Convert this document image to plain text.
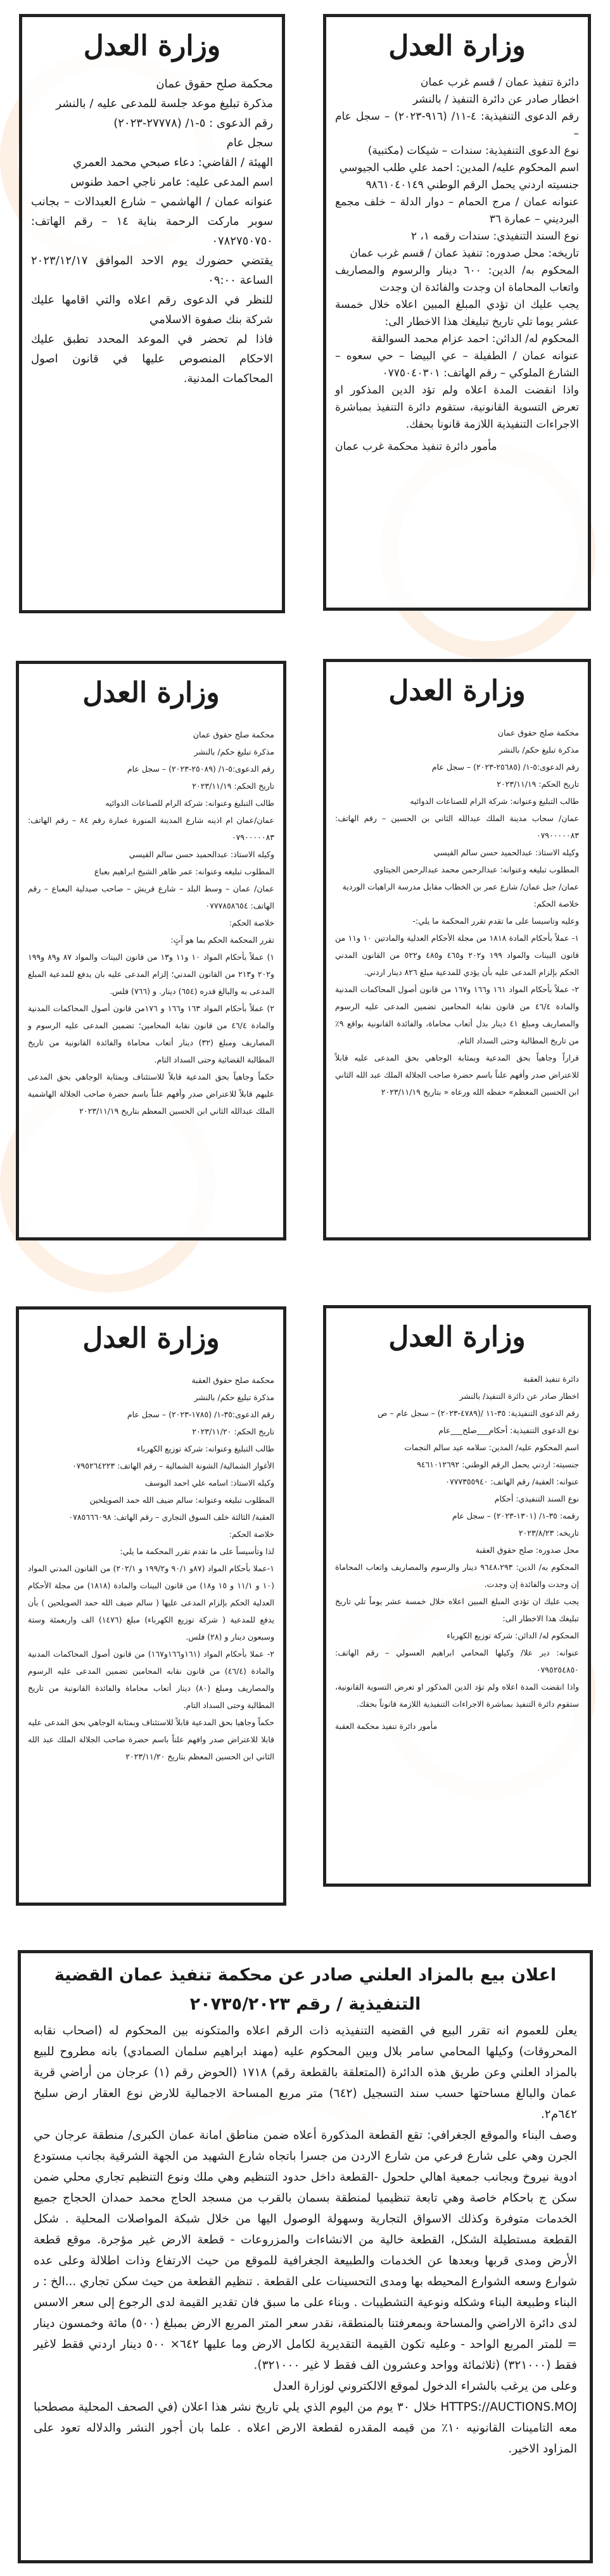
وزارة العدل
دائرة تنفيذ عمان / قسم غرب عمان
اخطار صادر عن دائرة التنفيذ / بالنشر
رقم الدعوى التنفيذية: ٤-١١/ (٩١٦-٢٠٢٣) – سجل عام –
نوع الدعوى التنفيذية: سندات – شيكات (مكتبية)
اسم المحكوم عليه/ المدين: احمد علي طلب الجيوسي
جنسيته اردني يحمل الرقم الوطني ٩٨٦١٠٤٠١٤٩
عنوانه عمان / مرج الحمام – دوار الدلة – خلف مجمع البرديني – عمارة ٣٦
نوع السند التنفيذي: سندات رقمه ١، ٢
تاريخه: محل صدوره: تنفيذ عمان / قسم غرب عمان
المحكوم به/ الدين: ٦٠٠ دينار والرسوم والمصاريف واتعاب المحاماة ان وجدت والفائدة ان وجدت
يجب عليك ان تؤدي المبلغ المبين اعلاه خلال خمسة عشر يوما تلي تاريخ تبليغك هذا الاخطار الى:
المحكوم له/ الدائن: احمد عزام محمد السوالقة
عنوانه عمان / الطفيلة – عي البيضا – حي سعوه – الشارع الملوكي – رقم الهاتف: ٠٧٧٥٠٤٠٣٠١
واذا انقضت المدة اعلاه ولم تؤد الدين المذكور او تعرض التسوية القانونية، ستقوم دائرة التنفيذ بمباشرة الاجراءات التنفيذية اللازمة قانونا بحقك.
مأمور دائرة تنفيذ محكمة غرب عمان
وزارة العدل
محكمة صلح حقوق عمان
مذكرة تبليغ موعد جلسة للمدعى عليه / بالنشر
رقم الدعوى : ٥-١/ (٢٧٧٧٨-٢٠٢٣)
سجل عام
الهيئة / القاضي: دعاء صبحي محمد العمري
اسم المدعى عليه: عامر ناجي احمد طنوس
عنوانه عمان / الهاشمي – شارع العبدالات – بجانب سوبر ماركت الرحمة بناية ١٤ – رقم الهاتف: ٠٧٨٢٧٥٠٧٥٠
يقتضي حضورك يوم الاحد الموافق ٢٠٢٣/١٢/١٧ الساعة ٠٩:٠٠
للنظر في الدعوى رقم اعلاه والتي اقامها عليك شركة بنك صفوة الاسلامي
فاذا لم تحضر في الموعد المحدد تطبق عليك الاحكام المنصوص عليها في قانون اصول المحاكمات المدنية.
وزارة العدل
محكمة صلح حقوق عمان
مذكرة تبليغ حكم/ بالنشر
رقم الدعوى:٥-١/ (٢٥٦٨٥-٢٠٢٣) – سجل عام
تاريخ الحكم: ٢٠٢٣/١١/١٩
طالب التبليغ وعنوانه: شركة الرام للصناعات الدوائيه
عمان/ سحاب مدينة الملك عبدالله الثاني بن الحسين – رقم الهاتف: ٠٧٩٠٠٠٠٠٨٣
وكيله الاستاذ: عبدالحميد حسن سالم القيسي
المطلوب تبليغه وعنوانه: عبدالرحمن محمد عبدالرحمن الجيتاوي
عمان/ جبل عمان/ شارع عمر بن الخطاب مقابل مدرسة الراهبات الوردية
خلاصة الحكم:
وعليه وتاسيسا على ما تقدم تقرر المحكمة ما يلي:-
١- عملاً بأحكام المادة ١٨١٨ من مجلة الأحكام العدلية والمادتين ١٠ و١١ من قانون البينات والمواد ١٩٩ و٢٠٢ و٤٦٥ و٤٨٥ و٥٢٢ من القانون المدني الحكم بإلزام المدعى عليه بأن يؤدي للمدعية مبلغ ٨٢٦ دينار اردني.
٢- عملاً بأحكام المواد ١٦١ و١٦٦ و١٦٧ من قانون أصول المحاكمات المدنية والمادة ٤٦/٤ من قانون نقابة المحامين تضمين المدعى عليه الرسوم والمصاريف ومبلغ ٤١ دينار بدل أتعاب محاماة، والفائدة القانونية بواقع ٩٪ من تاريخ المطالبة وحتى السداد التام.
قراراً وجاهياً بحق المدعية وبمثابة الوجاهي بحق المدعى عليه قابلاً للاعتراض صدر وأفهم علناً باسم حضرة صاحب الجلالة الملك عبد الله الثاني ابن الحسين المعظم» حفظه الله ورعاه « بتاريخ ٢٠٢٣/١١/١٩
وزارة العدل
محكمة صلح حقوق عمان
مذكرة تبليغ حكم/ بالنشر
رقم الدعوى:٥-١/ (٢٥٠٨٩-٢٠٢٣) – سجل عام
تاريخ الحكم: ٢٠٢٣/١١/١٩
طالب التبليغ وعنوانه: شركة الرام للصناعات الدوائيه
عمان/عمان ام اذينه شارع المدينة المنورة عمارة رقم ٨٤ – رقم الهاتف: ٠٧٩٠٠٠٠٠٨٣
وكيله الاستاذ: عبدالحميد حسن سالم القيسي
المطلوب تبليغه وعنوانه: عمر طاهر الشيخ ابراهيم بعباع
عمان/ عمان – وسط البلد – شارع قريش – صاحب صيدلية البعباع – رقم الهاتف: ٠٧٧٧٨٥٨٦٥٤
خلاصة الحكم:
تقرر المحكمة الحكم بما هو آتٍ:
١) عملاً بأحكام المواد ١٠ و١١ و١٣ من قانون البينات والمواد ٨٧ و٨٩ و١٩٩ و٢٠٢ و٢١٣ من القانون المدني؛ إلزام المدعى عليه بان يدفع للمدعية المبلغ المدعى به والبالغ قدره (٦٥٤) دينار. و (٧٦٦) فلس.
٢) عملاً بأحكام المواد ١٦٣ و١٦٦ و ١٧٦من قانون أصول المحاكمات المدنية والمادة ٤٦/٤ من قانون نقابة المحامين؛ تضمين المدعى عليه الرسوم و المصاريف ومبلغ (٣٢) دينار أتعاب محاماة والفائدة القانونية من تاريخ المطالبة القضائية وحتى السداد التام.
حكماً وجاهياً بحق المدعية قابلاً للاستئناف وبمثابة الوجاهي بحق المدعى عليهم قابلاً للاعتراض صدر وأفهم علناً باسم حضرة صاحب الجلالة الهاشمية الملك عبدالله الثاني ابن الحسين المعظم بتاريخ ٢٠٢٣/١١/١٩
وزارة العدل
دائرة تنفيذ العقبة
اخطار صادر عن دائرة التنفيذ/ بالنشر
رقم الدعوى التنفيذية: ٣٥-١١ /(٤٧٨٩-٢٠٢٣) – سجل عام – ص
نوع الدعوى التنفيذية: أحكام___صلح___عام
اسم المحكوم عليه/ المدين: سلامه عيد سالم النجمات
جنسيته: اردني يحمل الرقم الوطني: ٩٤٦١٠١٢٦٩٢
عنوانه: العقبة/ رقم الهاتف: ٠٧٧٧٣٥٥٩٤٠
نوع السند التنفيذي: أحكام
رقمه: ٣٥-١/ (١٣٠١-٢٠٢٣) – سجل عام
تاريخه: ٢٠٢٣/٨/٢٣
محل صدوره: صلح حقوق العقبة
المحكوم به/ الدين: ٩٦٤٨،٢٩٣ دينار والرسوم والمصاريف واتعاب المحاماة إن وجدت والفائدة إن وجدت.
يجب عليك ان تؤدي المبلغ المبين اعلاه خلال خمسة عشر يوماً تلي تاريخ تبليغك هذا الاخطار الى:
المحكوم له/ الدائن: شركة توزيع الكهرباء
عنوانه: دير علا/ وكيلها المحامي ابراهيم العسولي – رقم الهاتف: ٠٧٩٥٢٥٤٨٥٠
واذا انقضت المدة اعلاه ولم تؤد الدين المذكور او تعرض التسوية القانونية، ستقوم دائرة التنفيذ بمباشرة الاجراءات التنفيذية اللازمة قانوناً بحقك.
مأمور دائرة تنفيذ محكمة العقبة
وزارة العدل
محكمة صلح حقوق العقبة
مذكرة تبليغ حكم/ بالنشر
رقم الدعوى:٣٥-١/ (١٧٨٥-٢٠٢٣) – سجل عام
تاريخ الحكم: ٢٠٢٣/١١/٢٠
طالب التبليغ وعنوانه: شركة توزيع الكهرباء
الأغوار الشمالية/ الشونة الشمالية – رقم الهاتف: ٠٧٩٥٢٦٤٢٢٣
وكيله الاستاذ: اسامه علي احمد اليوسف
المطلوب تبليغه وعنوانه: سالم ضيف الله حمد الصويلحين
العقبة/ الثالثة خلف السوق التجاري – رقم الهاتف: ٠٧٨٥٦٦٦٠٩٨
خلاصة الحكم:
لذا وتأسيساً على ما تقدم تقرر المحكمة ما يلي:
١-عملا بأحكام المواد (٨٧و ٩٠/١ و١٩٩/٢ و ٢٠٢/١) من القانون المدني المواد (١٠ و ١١/١ و ١٥ و١٨) من قانون البينات والمادة (١٨١٨) من مجلة الأحكام العدلية الحكم بإلزام المدعى عليها ( سالم ضيف الله حمد الصويلحين ) بأن يدفع للمدعية ( شركة توزيع الكهرباء) مبلغ (١٤٧٦) الف واربعمئة وستة وسبعون دينار و (٢٨) فلس.
٢- عملا بأحكام المواد (١٦١و١٦٦و١٦٧) من قانون أصول المحاكمات المدنية والمادة (٤٦/٤) من قانون نقابه المحامين تضمين المدعى عليه الرسوم والمصاريف ومبلغ (٨٠) دينار أتعاب محاماة والفائدة القانونية من تاريخ المطالبة وحتى السداد التام.
حكماً وجاهيا بحق المدعية قابلاً للاستئناف وبمثابة الوجاهي بحق المدعى عليه قابلا للاعتراض صدر وافهم علناً باسم حضرة صاحب الجلالة الملك عبد الله الثاني ابن الحسين المعظم بتاريخ ٢٠٢٣/١١/٢٠
اعلان بيع بالمزاد العلني صادر عن محكمة تنفيذ عمان القضية
التنفيذية / رقم ٢٠٧٣٥/٢٠٢٣
يعلن للعموم انه تقرر البيع في القضيه التنفيذيه ذات الرقم اعلاه والمتكونه بين المحكوم له (اصحاب نقابه المحروقات) وكيلها المحامي سامر بلال وبين المحكوم عليه (مهند ابراهيم سلمان الصمادي) بانه مطروح للبيع بالمزاد العلني وعن طريق هذه الدائرة (المتعلقة بالقطعة رقم) ١٧١٨ (الحوض رقم (١) عرجان من أراضي قرية عمان والبالغ مساحتها حسب سند التسجيل (٦٤٢) متر مربع المساحة الاجمالية للارض نوع العقار ارض سليخ ٦٤٢م٢.
وصف البناء والموقع الجغرافي: تقع القطعة المذكورة أعلاه ضمن مناطق امانة عمان الكبرى/ منطقة عرجان حي الجرن وهي على شارع فرعي من شارع الاردن من جسرا باتجاه شارع الشهيد من الجهة الشرقية بجانب مستودع ادوية نيروخ وبجانب جمعية اهالي حلحول -القطعة داخل حدود التنظيم وهي ملك ونوع التنظيم تجاري محلي ضمن سكن ج باحكام خاصة وهي تابعة تنظيميا لمنطقة بسمان بالقرب من مسجد الحاج محمد حمدان الحجاج جميع الخدمات متوفرة وكذلك الاسواق التجارية وسهولة الوصول اليها من خلال شبكة المواصلات المحلية . شكل القطعة مستطيلة الشكل، القطعة خالية من الانشاءات والمزروعات - قطعة الارض غير مؤجرة. موقع قطعة الأرض ومدى قربها وبعدها عن الخدمات والطبيعة الجغرافية للموقع من حيث الارتفاع وذات اطلالة وعلى عده شوارع وسعه الشوارع المحيطه بها ومدى التحسينات على القطعة . تنظيم القطعة من حيث سكن تجاري ...الخ : ر البناء وطبيعة البناء وشكله ونوعية التشطيبات . وبناء على ما سبق فان تقدير القيمة لدى الرجوع إلى سعر الاسس لدى دائرة الاراضي والمساحة وبمعرفتنا بالمنطقة، نقدر سعر المتر المربع الارض بمبلغ (٥٠٠) مائة وخمسون دينار = للمتر المربع الواحد - وعليه تكون القيمة التقديرية لكامل الارض وما عليها ٦٤٢× ٥٠٠ دينار اردني فقط لاغير فقط (٣٢١٠٠٠) (ثلاثمائة وواحد وعشرون الف فقط لا غير ٣٢١٠٠٠).
وعلى من يرغب بالشراء الدخول لموقع الالكتروني لوزارة العدل
HTTPS://AUCTIONS.MOJ خلال ٣٠ يوم من اليوم الذي يلي تاريخ نشر هذا اعلان (في الصحف المحلية مصطحبا معه التامينات القانونيه ١٠٪ من قيمه المقدره لقطعة الارض اعلاه . علما بان أجور النشر والدلاله تعود على المزاود الاخير.
